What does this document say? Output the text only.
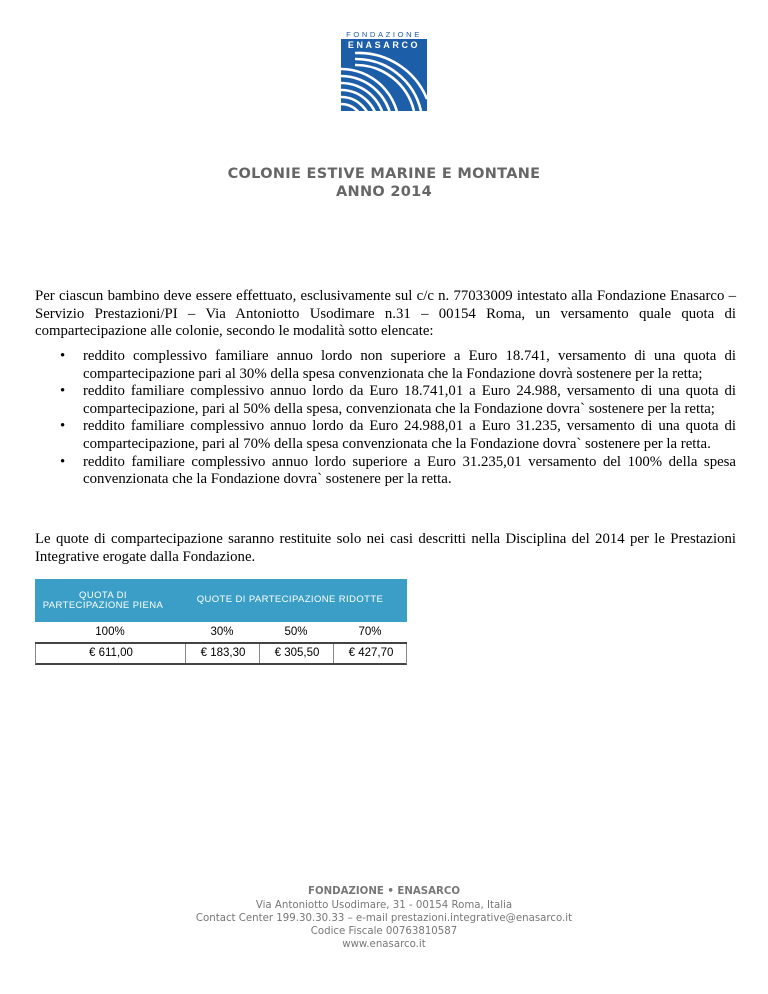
FONDAZIONE
ENASARCO
COLONIE ESTIVE MARINE E MONTANE
ANNO 2014

Per ciascun bambino deve essere effettuato, esclusivamente sul c/c n. 77033009 intestato alla Fondazione Enasarco – Servizio Prestazioni/PI – Via Antoniotto Usodimare n.31 – 00154 Roma, un versamento quale quota di compartecipazione alle colonie, secondo le modalità sotto elencate:

• reddito complessivo familiare annuo lordo non superiore a Euro 18.741, versamento di una quota di compartecipazione pari al 30% della spesa convenzionata che la Fondazione dovrà sostenere per la retta;
• reddito familiare complessivo annuo lordo da Euro 18.741,01 a Euro 24.988, versamento di una quota di compartecipazione, pari al 50% della spesa, convenzionata che la Fondazione dovra` sostenere per la retta;
• reddito familiare complessivo annuo lordo da Euro 24.988,01 a Euro 31.235, versamento di una quota di compartecipazione, pari al 70% della spesa convenzionata che la Fondazione dovra` sostenere per la retta.
• reddito familiare complessivo annuo lordo superiore a Euro 31.235,01 versamento del 100% della spesa convenzionata che la Fondazione dovra` sostenere per la retta.

Le quote di compartecipazione saranno restituite solo nei casi descritti nella Disciplina del 2014 per le Prestazioni Integrative erogate dalla Fondazione.

QUOTA DI PARTECIPAZIONE PIENA
QUOTE DI PARTECIPAZIONE RIDOTTE
100%	30%	50%	70%
€ 611,00	€ 183,30	€ 305,50	€ 427,70
FONDAZIONE • ENASARCO
Via Antoniotto Usodimare, 31 - 00154 Roma, Italia
Contact Center 199.30.30.33 – e-mail prestazioni.integrative@enasarco.it
Codice Fiscale 00763810587
www.enasarco.it
